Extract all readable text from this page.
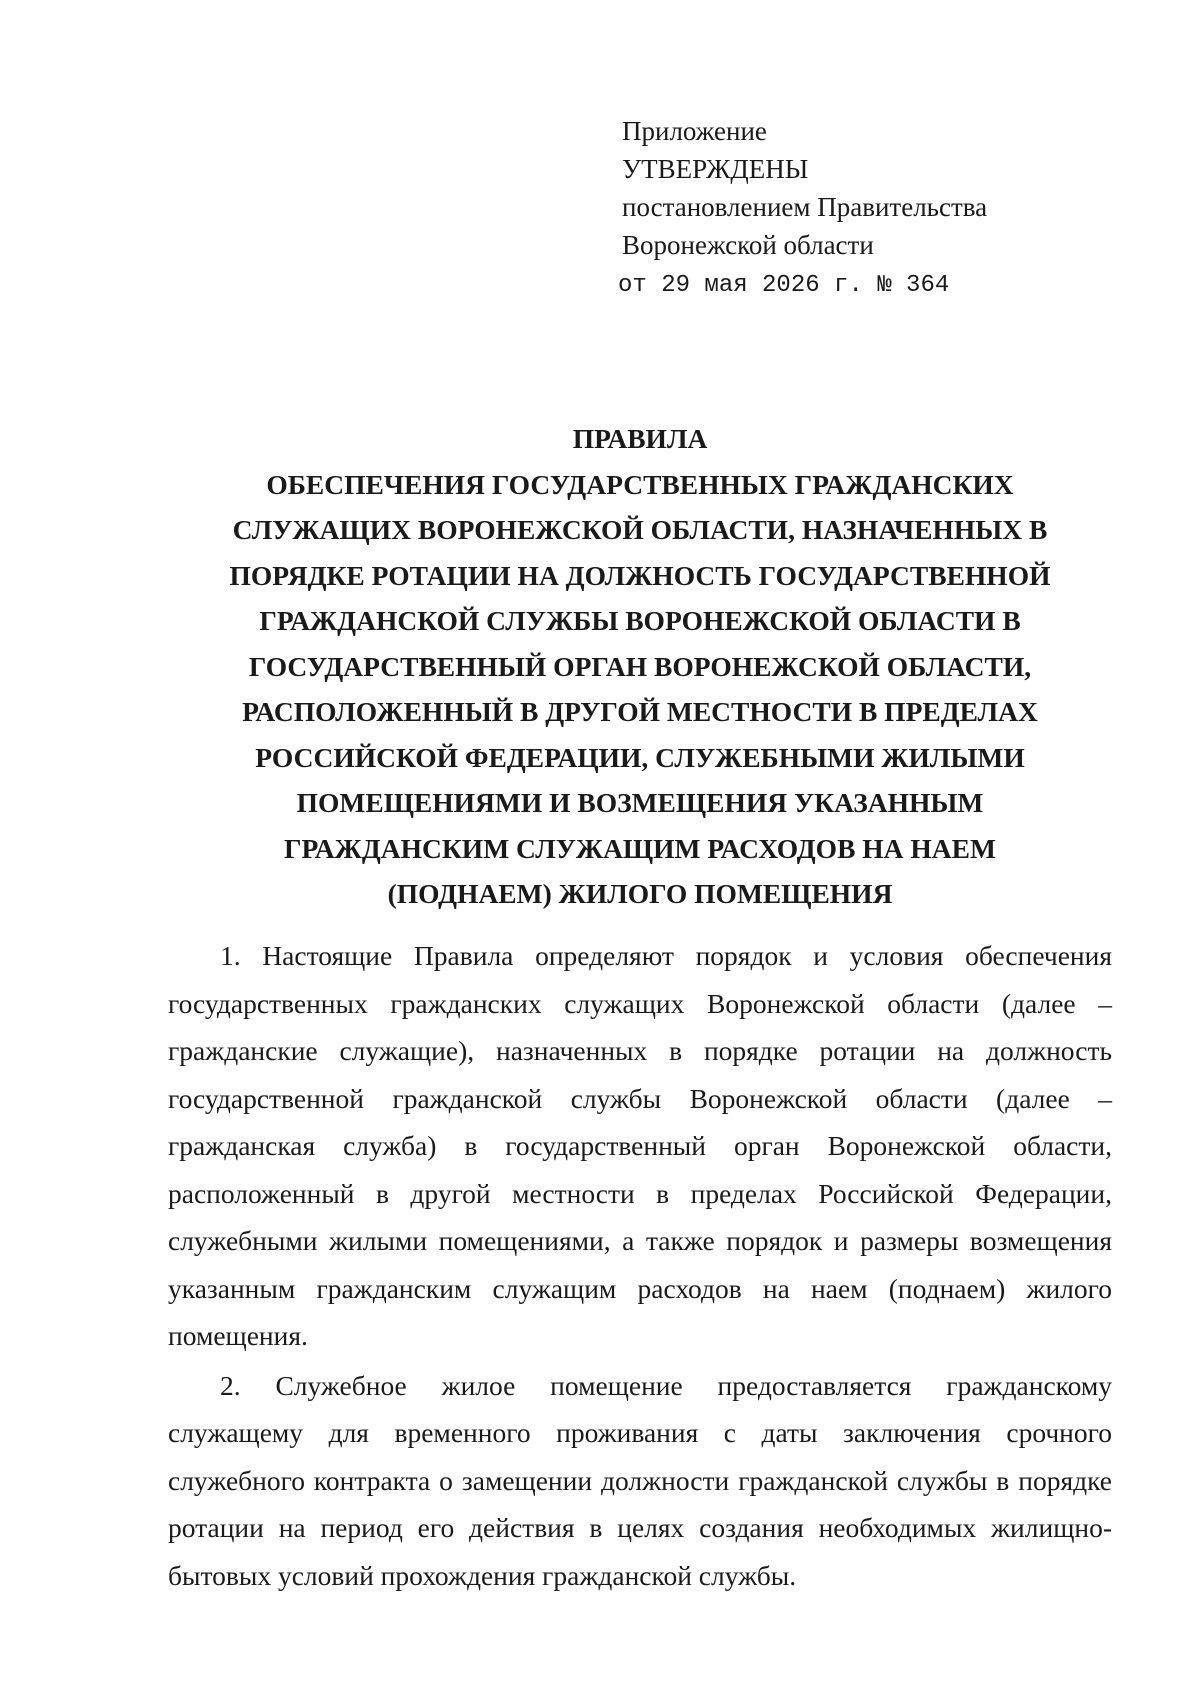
Приложение

УТВЕРЖДЕНЫ

постановлением Правительства

Воронежской области

от 29 мая 2026 г. № 364

ПРАВИЛА
ОБЕСПЕЧЕНИЯ ГОСУДАРСТВЕННЫХ ГРАЖДАНСКИХ
СЛУЖАЩИХ ВОРОНЕЖСКОЙ ОБЛАСТИ, НАЗНАЧЕННЫХ В
ПОРЯДКЕ РОТАЦИИ НА ДОЛЖНОСТЬ ГОСУДАРСТВЕННОЙ
ГРАЖДАНСКОЙ СЛУЖБЫ ВОРОНЕЖСКОЙ ОБЛАСТИ В
ГОСУДАРСТВЕННЫЙ ОРГАН ВОРОНЕЖСКОЙ ОБЛАСТИ,
РАСПОЛОЖЕННЫЙ В ДРУГОЙ МЕСТНОСТИ В ПРЕДЕЛАХ
РОССИЙСКОЙ ФЕДЕРАЦИИ, СЛУЖЕБНЫМИ ЖИЛЫМИ
ПОМЕЩЕНИЯМИ И ВОЗМЕЩЕНИЯ УКАЗАННЫМ
ГРАЖДАНСКИМ СЛУЖАЩИМ РАСХОДОВ НА НАЕМ
(ПОДНАЕМ) ЖИЛОГО ПОМЕЩЕНИЯ

1. Настоящие Правила определяют порядок и условия обеспечения государственных гражданских служащих Воронежской области (далее – гражданские служащие), назначенных в порядке ротации на должность государственной гражданской службы Воронежской области (далее – гражданская служба) в государственный орган Воронежской области, расположенный в другой местности в пределах Российской Федерации, служебными жилыми помещениями, а также порядок и размеры возмещения указанным гражданским служащим расходов на наем (поднаем) жилого помещения.

2. Служебное жилое помещение предоставляется гражданскому служащему для временного проживания с даты заключения срочного служебного контракта о замещении должности гражданской службы в порядке ротации на период его действия в целях создания необходимых жилищно-бытовых условий прохождения гражданской службы.
